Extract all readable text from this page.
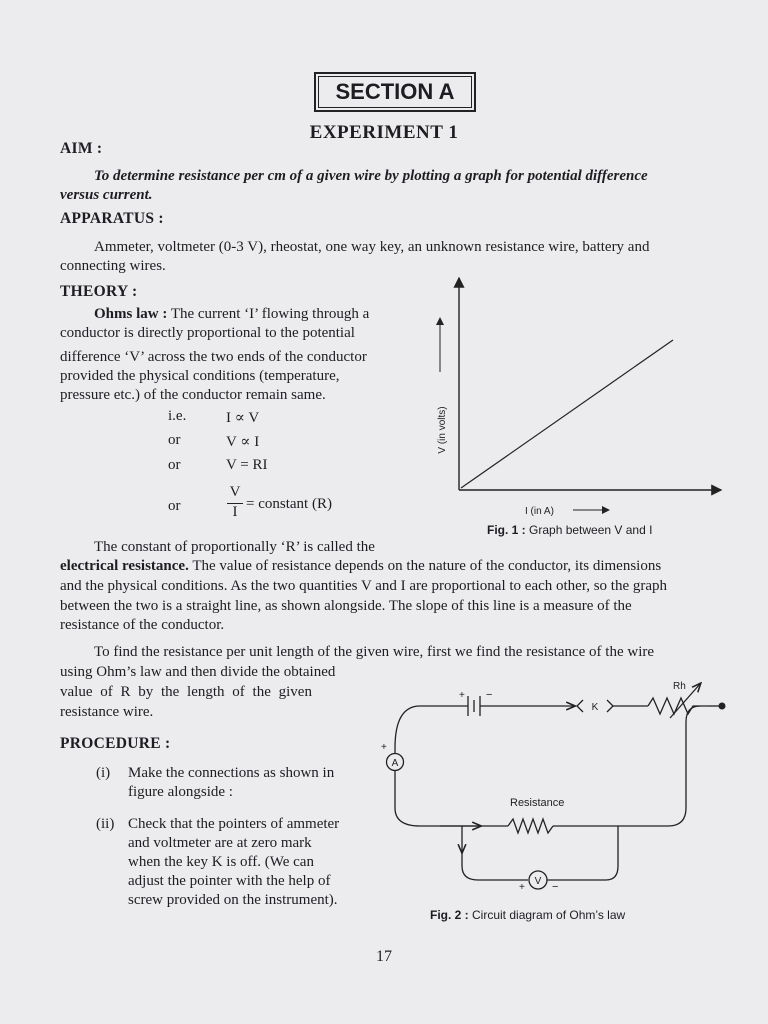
SECTION A
EXPERIMENT 1
AIM :
To determine resistance per cm of a given wire by plotting a graph for potential difference
versus current.
APPARATUS :
Ammeter, voltmeter (0-3 V), rheostat, one way key, an unknown resistance wire, battery and
connecting wires.
THEORY :
Ohms law : The current ‘I’ flowing through a
conductor is directly proportional to the potential
difference ‘V’ across the two ends of the conductor
provided the physical conditions (temperature,
pressure etc.) of the conductor remain same.
i.e.	I ∝ V
or	V ∝ I
or	V = RI
or
V
I = constant (R)
V (in volts)
I (in A)
Fig. 1 : Graph between V and I
The constant of proportionally ‘R’ is called the
electrical resistance. The value of resistance depends on the nature of the conductor, its dimensions
and the physical conditions. As the two quantities V and I are proportional to each other, so the graph
between the two is a straight line, as shown alongside. The slope of this line is a measure of the
resistance of the conductor.
To find the resistance per unit length of the given wire, first we find the resistance of the wire
using Ohm’s law and then divide the obtained
value of R by the length of the given
resistance wire.
PROCEDURE :
(i) Make the connections as shown in
figure alongside :
(ii) Check that the pointers of ammeter
and voltmeter are at zero mark
when the key K is off. (We can
adjust the pointer with the help of
screw provided on the instrument).
+ −
K
Rh
A
+
Resistance
V
+ −
Fig. 2 : Circuit diagram of Ohm’s law
17
